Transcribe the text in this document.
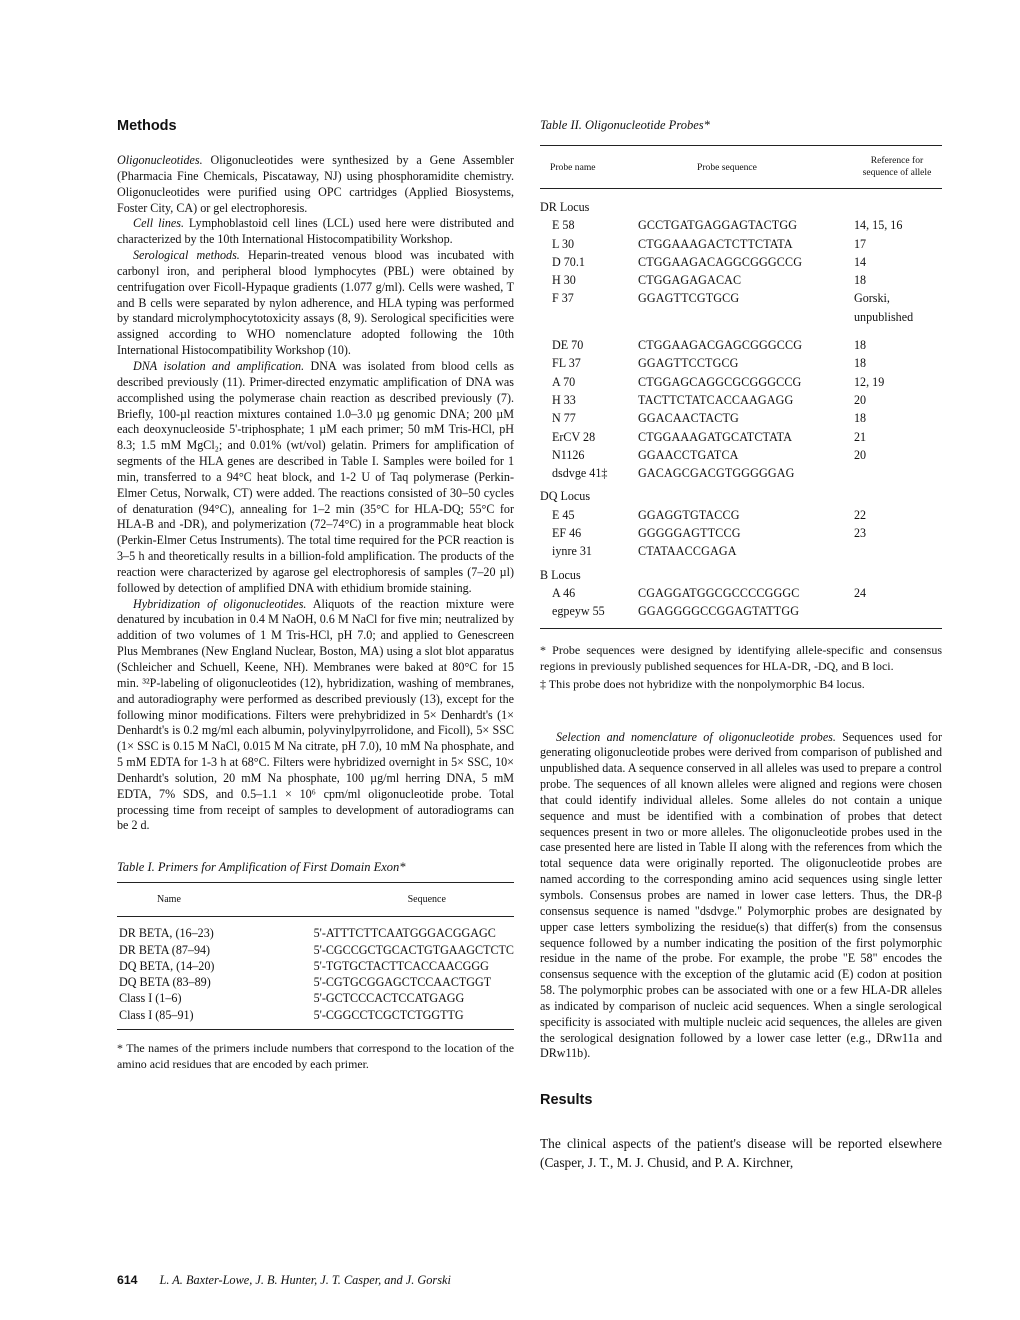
Methods

Oligonucleotides. Oligonucleotides were synthesized by a Gene Assembler (Pharmacia Fine Chemicals, Piscataway, NJ) using phosphoramidite chemistry. Oligonucleotides were purified using OPC cartridges (Applied Biosystems, Foster City, CA) or gel electrophoresis.

Cell lines. Lymphoblastoid cell lines (LCL) used here were distributed and characterized by the 10th International Histocompatibility Workshop.

Serological methods. Heparin-treated venous blood was incubated with carbonyl iron, and peripheral blood lymphocytes (PBL) were obtained by centrifugation over Ficoll-Hypaque gradients (1.077 g/ml). Cells were washed, T and B cells were separated by nylon adherence, and HLA typing was performed by standard microlymphocytotoxicity assays (8, 9). Serological specificities were assigned according to WHO nomenclature adopted following the 10th International Histocompatibility Workshop (10).

DNA isolation and amplification. DNA was isolated from blood cells as described previously (11). Primer-directed enzymatic amplification of DNA was accomplished using the polymerase chain reaction as described previously (7). Briefly, 100-µl reaction mixtures contained 1.0–3.0 µg genomic DNA; 200 µM each deoxynucleoside 5'-triphosphate; 1 µM each primer; 50 mM Tris-HCl, pH 8.3; 1.5 mM MgCl₂; and 0.01% (wt/vol) gelatin. Primers for amplification of segments of the HLA genes are described in Table I. Samples were boiled for 1 min, transferred to a 94°C heat block, and 1-2 U of Taq polymerase (Perkin-Elmer Cetus, Norwalk, CT) were added. The reactions consisted of 30–50 cycles of denaturation (94°C), annealing for 1–2 min (35°C for HLA-DQ; 55°C for HLA-B and -DR), and polymerization (72–74°C) in a programmable heat block (Perkin-Elmer Cetus Instruments). The total time required for the PCR reaction is 3–5 h and theoretically results in a billion-fold amplification. The products of the reaction were characterized by agarose gel electrophoresis of samples (7–20 µl) followed by detection of amplified DNA with ethidium bromide staining.

Hybridization of oligonucleotides. Aliquots of the reaction mixture were denatured by incubation in 0.4 M NaOH, 0.6 M NaCl for five min; neutralized by addition of two volumes of 1 M Tris-HCl, pH 7.0; and applied to Genescreen Plus Membranes (New England Nuclear, Boston, MA) using a slot blot apparatus (Schleicher and Schuell, Keene, NH). Membranes were baked at 80°C for 15 min. ³²P-labeling of oligonucleotides (12), hybridization, washing of membranes, and autoradiography were performed as described previously (13), except for the following minor modifications. Filters were prehybridized in 5× Denhardt's (1× Denhardt's is 0.2 mg/ml each albumin, polyvinylpyrrolidone, and Ficoll), 5× SSC (1× SSC is 0.15 M NaCl, 0.015 M Na citrate, pH 7.0), 10 mM Na phosphate, and 5 mM EDTA for 1-3 h at 68°C. Filters were hybridized overnight in 5× SSC, 10× Denhardt's solution, 20 mM Na phosphate, 100 µg/ml herring DNA, 5 mM EDTA, 7% SDS, and 0.5–1.1 × 10⁶ cpm/ml oligonucleotide probe. Total processing time from receipt of samples to development of autoradiograms can be 2 d.

Table I. Primers for Amplification of First Domain Exon*
Name	Sequence
DR BETA, (16–23)	5'-ATTTCTTCAATGGGACGGAGC
DR BETA (87–94)	5'-CGCCGCTGCACTGTGAAGCTCTC
DQ BETA, (14–20)	5'-TGTGCTACTTCACCAACGGG
DQ BETA (83–89)	5'-CGTGCGGAGCTCCAACTGGT
Class I (1–6)	5'-GCTCCCACTCCATGAGG
Class I (85–91)	5'-CGGCCTCGCTCTGGTTG
* The names of the primers include numbers that correspond to the location of the amino acid residues that are encoded by each primer.
Table II. Oligonucleotide Probes*
Probe name	Probe sequence	Reference for sequence of allele
DR Locus		
E 58	GCCTGATGAGGAGTACTGG	14, 15, 16
L 30	CTGGAAAGACTCTTCTATA	17
D 70.1	CTGGAAGACAGGCGGGCCG	14
H 30	CTGGAGAGACAC	18
F 37	GGAGTTCGTGCG	Gorski, unpublished
DE 70	CTGGAAGACGAGCGGGCCG	18
FL 37	GGAGTTCCTGCG	18
A 70	CTGGAGCAGGCGCGGGCCG	12, 19
H 33	TACTTCTATCACCAAGAGG	20
N 77	GGACAACTACTG	18
ErCV 28	CTGGAAAGATGCATCTATA	21
N1126	GGAACCTGATCA	20
dsdvge 41‡	GACAGCGACGTGGGGGAG	
DQ Locus		
E 45	GGAGGTGTACCG	22
EF 46	GGGGGAGTTCCG	23
iynre 31	CTATAACCGAGA	
B Locus		
A 46	CGAGGATGGCGCCCCGGGC	24
egpeyw 55	GGAGGGGCCGGAGTATTGG	
* Probe sequences were designed by identifying allele-specific and consensus regions in previously published sequences for HLA-DR, -DQ, and B loci.
‡ This probe does not hybridize with the nonpolymorphic B4 locus.

Selection and nomenclature of oligonucleotide probes. Sequences used for generating oligonucleotide probes were derived from comparison of published and unpublished data. A sequence conserved in all alleles was used to prepare a control probe. The sequences of all known alleles were aligned and regions were chosen that could identify individual alleles. Some alleles do not contain a unique sequence and must be identified with a combination of probes that detect sequences present in two or more alleles. The oligonucleotide probes used in the case presented here are listed in Table II along with the references from which the total sequence data were originally reported. The oligonucleotide probes are named according to the corresponding amino acid sequences using single letter symbols. Consensus probes are named in lower case letters. Thus, the DR-β consensus sequence is named "dsdvge." Polymorphic probes are designated by upper case letters symbolizing the residue(s) that differ(s) from the consensus sequence followed by a number indicating the position of the first polymorphic residue in the name of the probe. For example, the probe "E 58" encodes the consensus sequence with the exception of the glutamic acid (E) codon at position 58. The polymorphic probes can be associated with one or a few HLA-DR alleles as indicated by comparison of nucleic acid sequences. When a single serological specificity is associated with multiple nucleic acid sequences, the alleles are given the serological designation followed by a lower case letter (e.g., DRw11a and DRw11b).

Results

The clinical aspects of the patient's disease will be reported elsewhere (Casper, J. T., M. J. Chusid, and P. A. Kirchner,

614 L. A. Baxter-Lowe, J. B. Hunter, J. T. Casper, and J. Gorski
